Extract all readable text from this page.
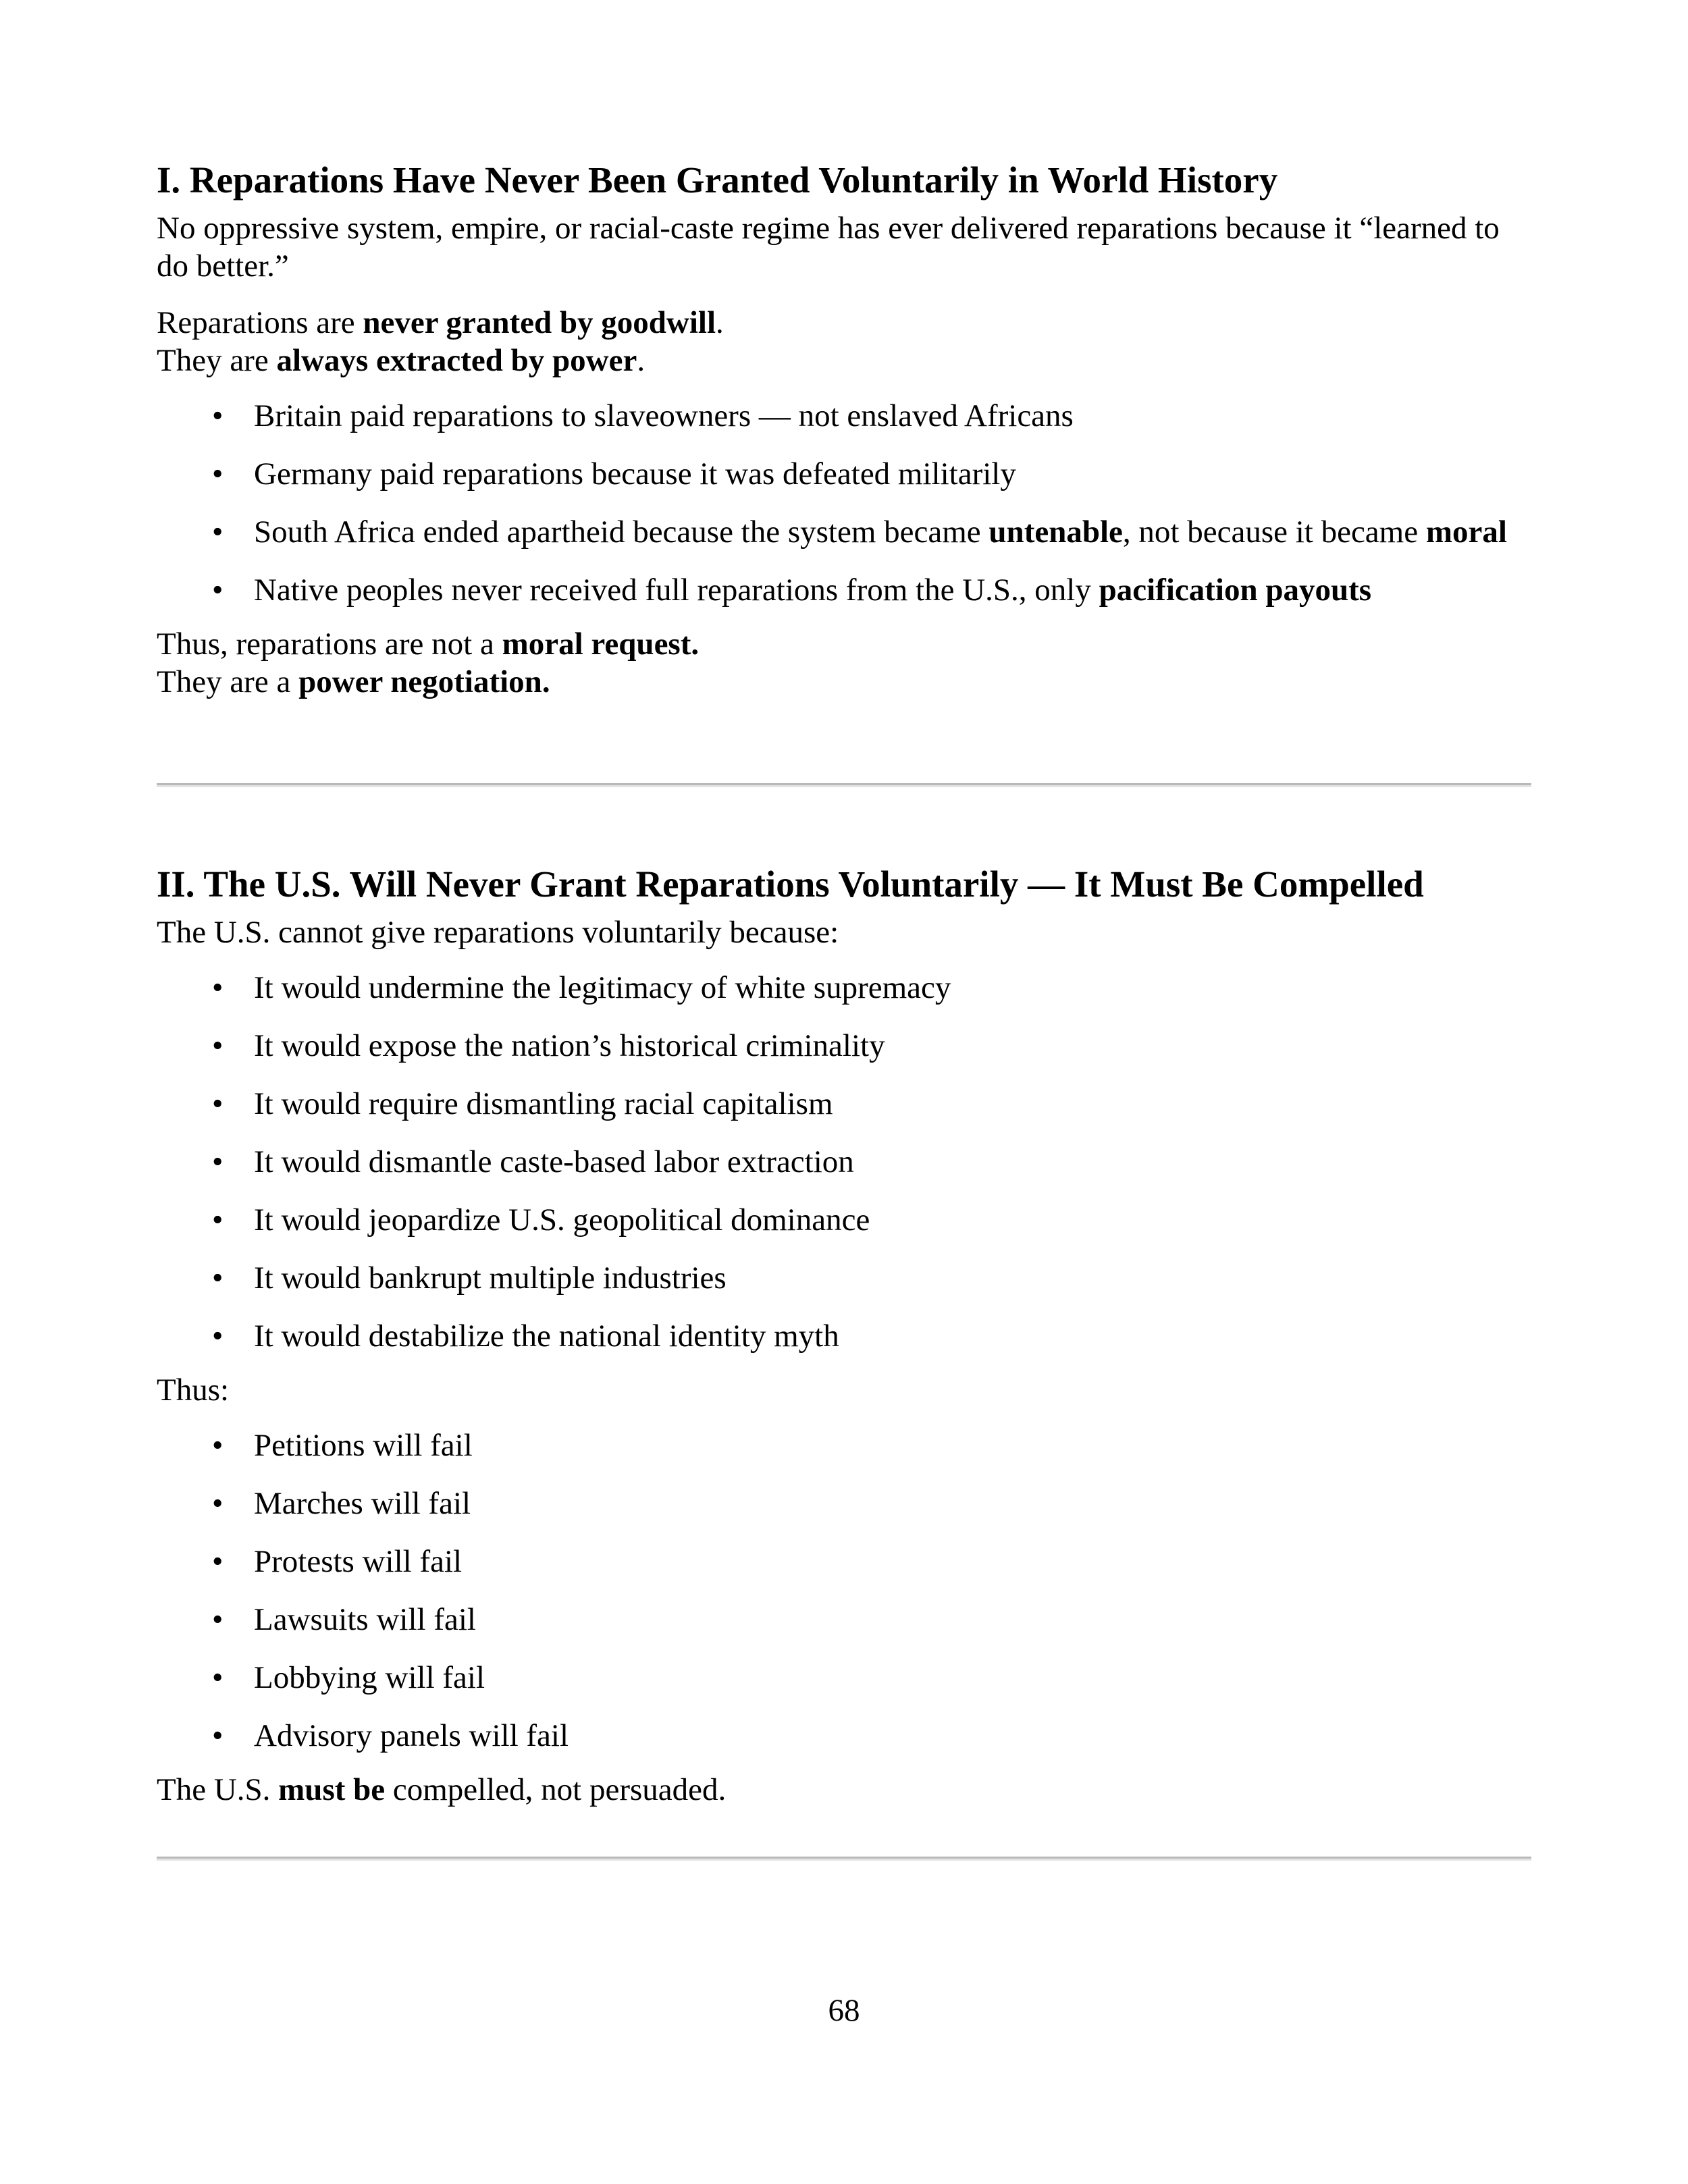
I. Reparations Have Never Been Granted Voluntarily in World History

No oppressive system, empire, or racial-caste regime has ever delivered reparations because it “learned to do better.”

Reparations are never granted by goodwill.
They are always extracted by power.

• Britain paid reparations to slaveowners — not enslaved Africans
• Germany paid reparations because it was defeated militarily
• South Africa ended apartheid because the system became untenable, not because it became moral
• Native peoples never received full reparations from the U.S., only pacification payouts

Thus, reparations are not a moral request.
They are a power negotiation.

II. The U.S. Will Never Grant Reparations Voluntarily — It Must Be Compelled

The U.S. cannot give reparations voluntarily because:

• It would undermine the legitimacy of white supremacy
• It would expose the nation’s historical criminality
• It would require dismantling racial capitalism
• It would dismantle caste-based labor extraction
• It would jeopardize U.S. geopolitical dominance
• It would bankrupt multiple industries
• It would destabilize the national identity myth

Thus:

• Petitions will fail
• Marches will fail
• Protests will fail
• Lawsuits will fail
• Lobbying will fail
• Advisory panels will fail

The U.S. must be compelled, not persuaded.

68
